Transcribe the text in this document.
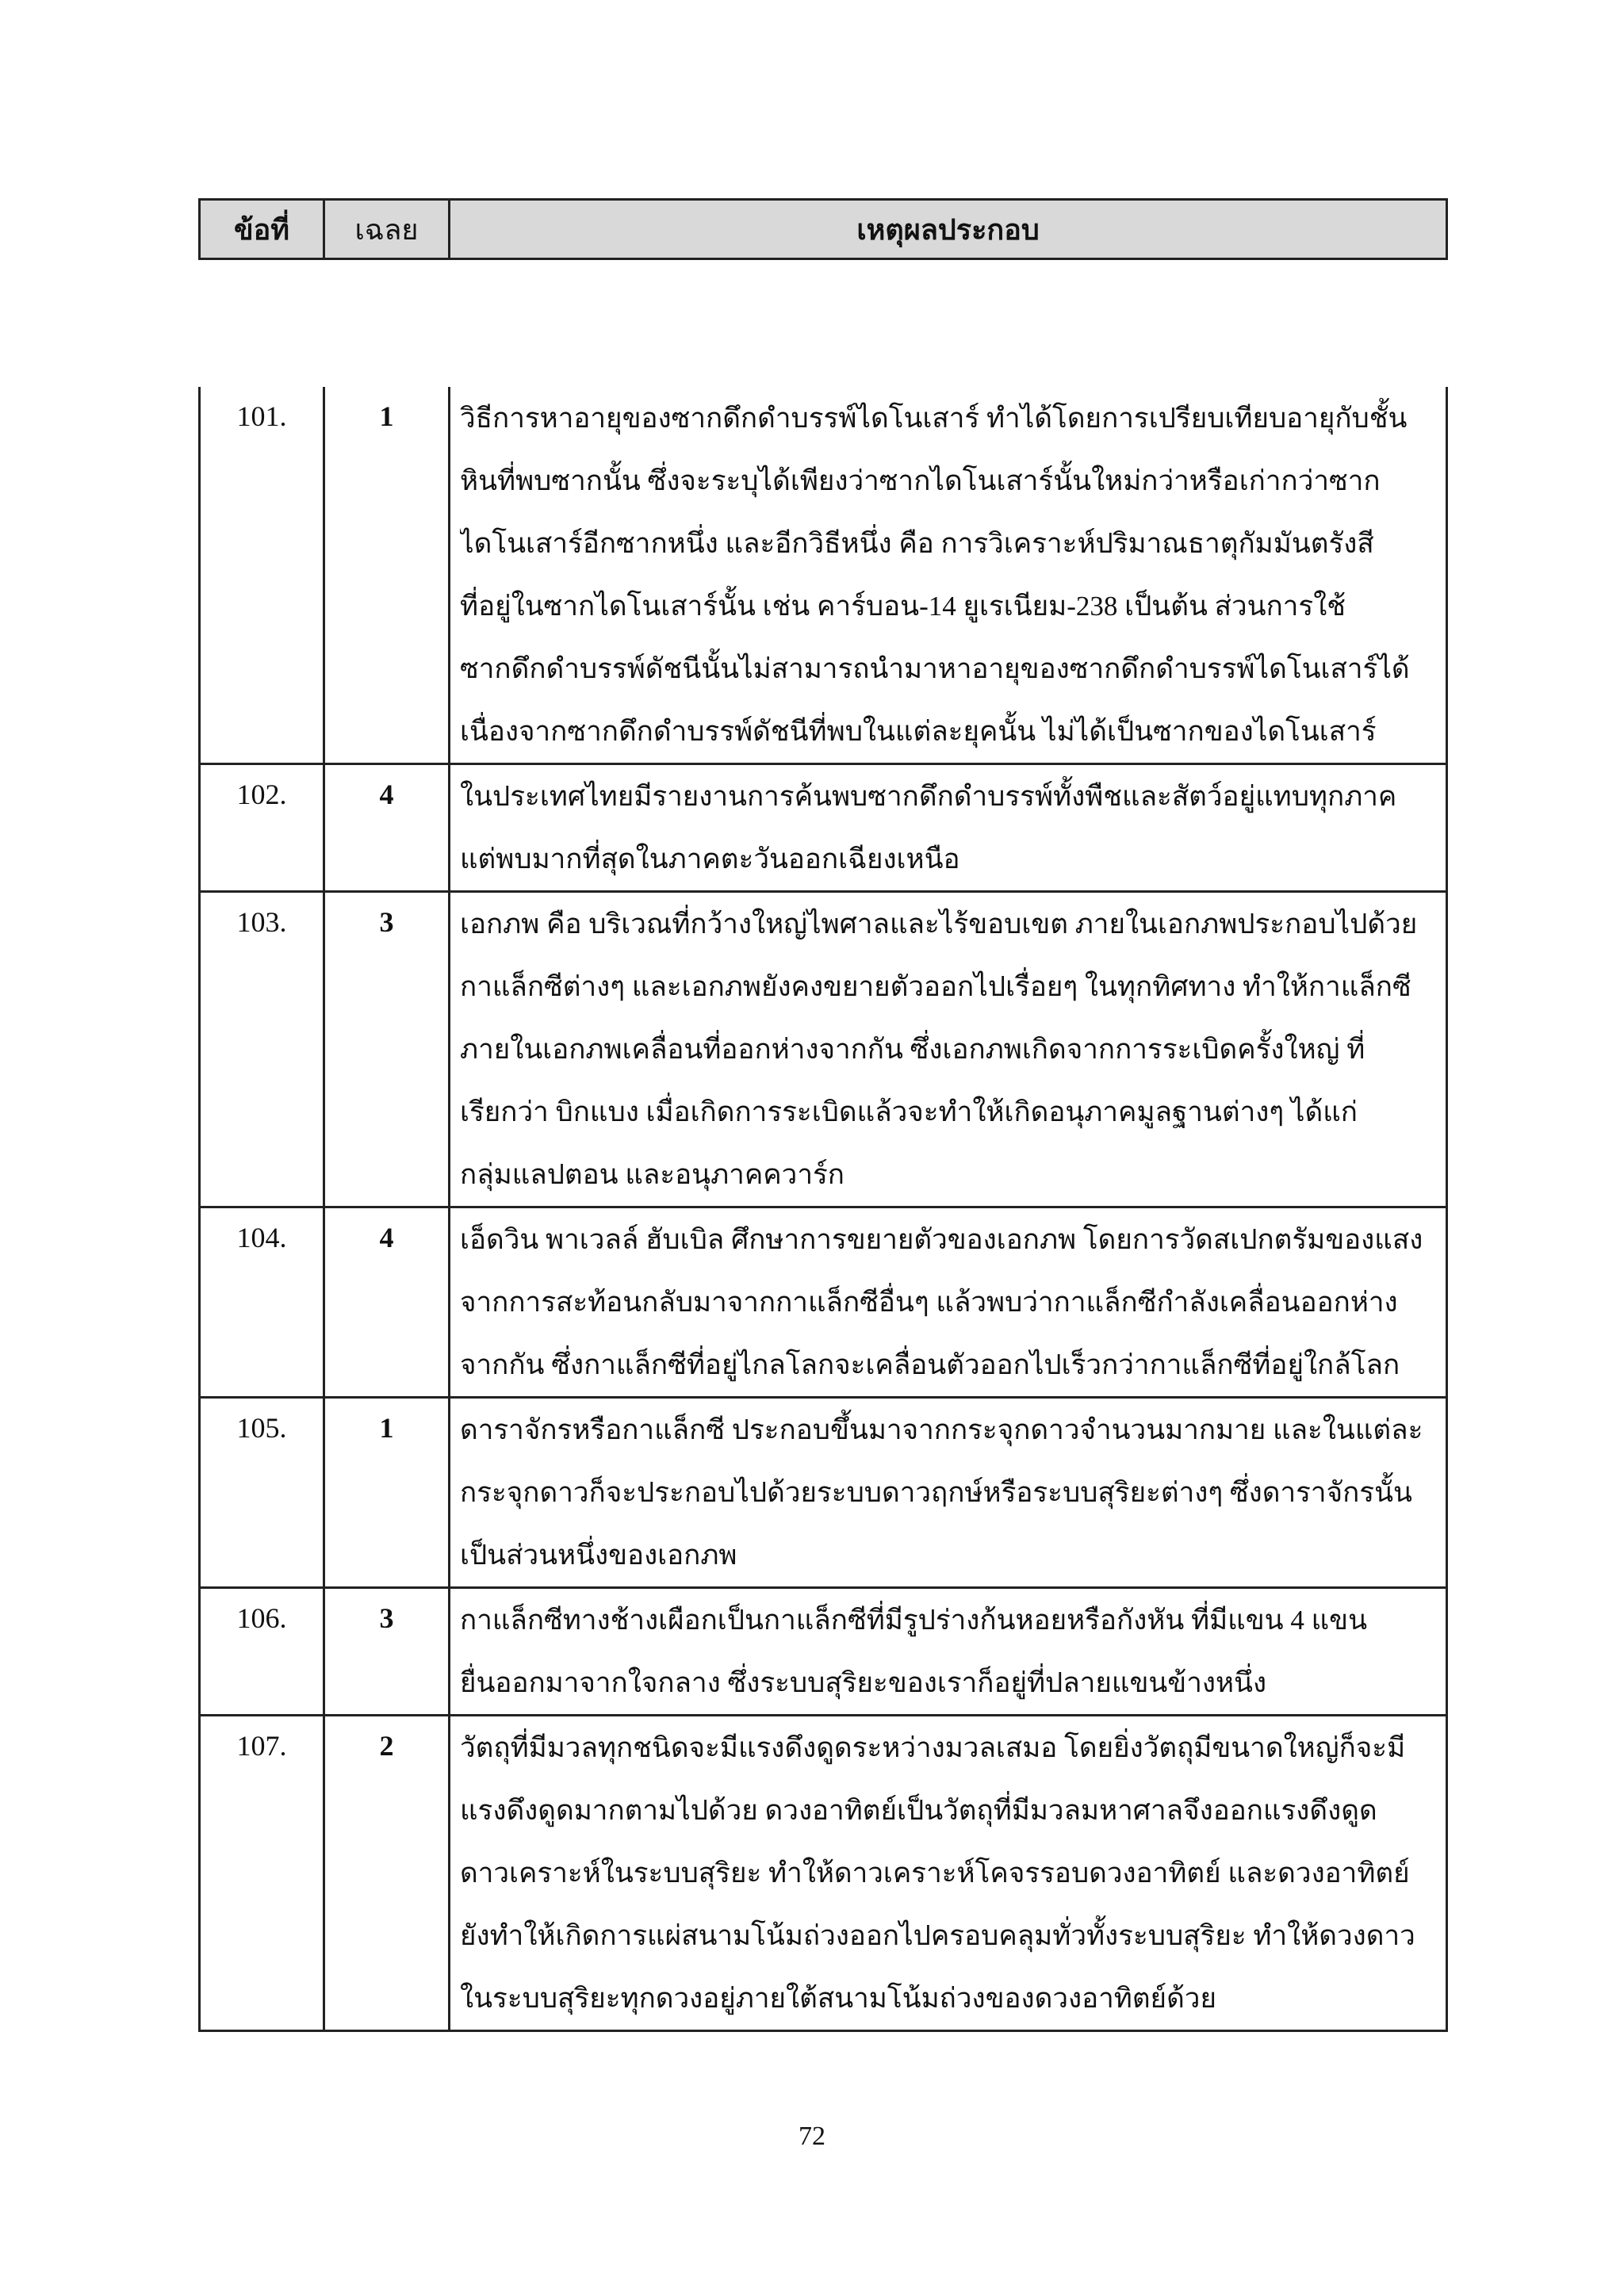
ข้อที่	เฉลย	เหตุผลประกอบ
101.	1	วิธีการหาอายุของซากดึกดำบรรพ์ไดโนเสาร์ ทำได้โดยการเปรียบเทียบอายุกับชั้น
หินที่พบซากนั้น ซึ่งจะระบุได้เพียงว่าซากไดโนเสาร์นั้นใหม่กว่าหรือเก่ากว่าซาก
ไดโนเสาร์อีกซากหนึ่ง และอีกวิธีหนึ่ง คือ การวิเคราะห์ปริมาณธาตุกัมมันตรังสี
ที่อยู่ในซากไดโนเสาร์นั้น เช่น คาร์บอน-14 ยูเรเนียม-238 เป็นต้น ส่วนการใช้
ซากดึกดำบรรพ์ดัชนีนั้นไม่สามารถนำมาหาอายุของซากดึกดำบรรพ์ไดโนเสาร์ได้
เนื่องจากซากดึกดำบรรพ์ดัชนีที่พบในแต่ละยุคนั้น ไม่ได้เป็นซากของไดโนเสาร์
102.	4	ในประเทศไทยมีรายงานการค้นพบซากดึกดำบรรพ์ทั้งพืชและสัตว์อยู่แทบทุกภาค
แต่พบมากที่สุดในภาคตะวันออกเฉียงเหนือ
103.	3	เอกภพ คือ บริเวณที่กว้างใหญ่ไพศาลและไร้ขอบเขต ภายในเอกภพประกอบไปด้วย
กาแล็กซีต่างๆ และเอกภพยังคงขยายตัวออกไปเรื่อยๆ ในทุกทิศทาง ทำให้กาแล็กซี
ภายในเอกภพเคลื่อนที่ออกห่างจากกัน ซึ่งเอกภพเกิดจากการระเบิดครั้งใหญ่ ที่
เรียกว่า บิกแบง เมื่อเกิดการระเบิดแล้วจะทำให้เกิดอนุภาคมูลฐานต่างๆ ได้แก่
กลุ่มแลปตอน และอนุภาคควาร์ก
104.	4	เอ็ดวิน พาเวลล์ ฮับเบิล ศึกษาการขยายตัวของเอกภพ โดยการวัดสเปกตรัมของแสง
จากการสะท้อนกลับมาจากกาแล็กซีอื่นๆ แล้วพบว่ากาแล็กซีกำลังเคลื่อนออกห่าง
จากกัน ซึ่งกาแล็กซีที่อยู่ไกลโลกจะเคลื่อนตัวออกไปเร็วกว่ากาแล็กซีที่อยู่ใกล้โลก
105.	1	ดาราจักรหรือกาแล็กซี ประกอบขึ้นมาจากกระจุกดาวจำนวนมากมาย และในแต่ละ
กระจุกดาวก็จะประกอบไปด้วยระบบดาวฤกษ์หรือระบบสุริยะต่างๆ ซึ่งดาราจักรนั้น
เป็นส่วนหนึ่งของเอกภพ
106.	3	กาแล็กซีทางช้างเผือกเป็นกาแล็กซีที่มีรูปร่างก้นหอยหรือกังหัน ที่มีแขน 4 แขน
ยื่นออกมาจากใจกลาง ซึ่งระบบสุริยะของเราก็อยู่ที่ปลายแขนข้างหนึ่ง
107.	2	วัตถุที่มีมวลทุกชนิดจะมีแรงดึงดูดระหว่างมวลเสมอ โดยยิ่งวัตถุมีขนาดใหญ่ก็จะมี
แรงดึงดูดมากตามไปด้วย ดวงอาทิตย์เป็นวัตถุที่มีมวลมหาศาลจึงออกแรงดึงดูด
ดาวเคราะห์ในระบบสุริยะ ทำให้ดาวเคราะห์โคจรรอบดวงอาทิตย์ และดวงอาทิตย์
ยังทำให้เกิดการแผ่สนามโน้มถ่วงออกไปครอบคลุมทั่วทั้งระบบสุริยะ ทำให้ดวงดาว
ในระบบสุริยะทุกดวงอยู่ภายใต้สนามโน้มถ่วงของดวงอาทิตย์ด้วย
72
